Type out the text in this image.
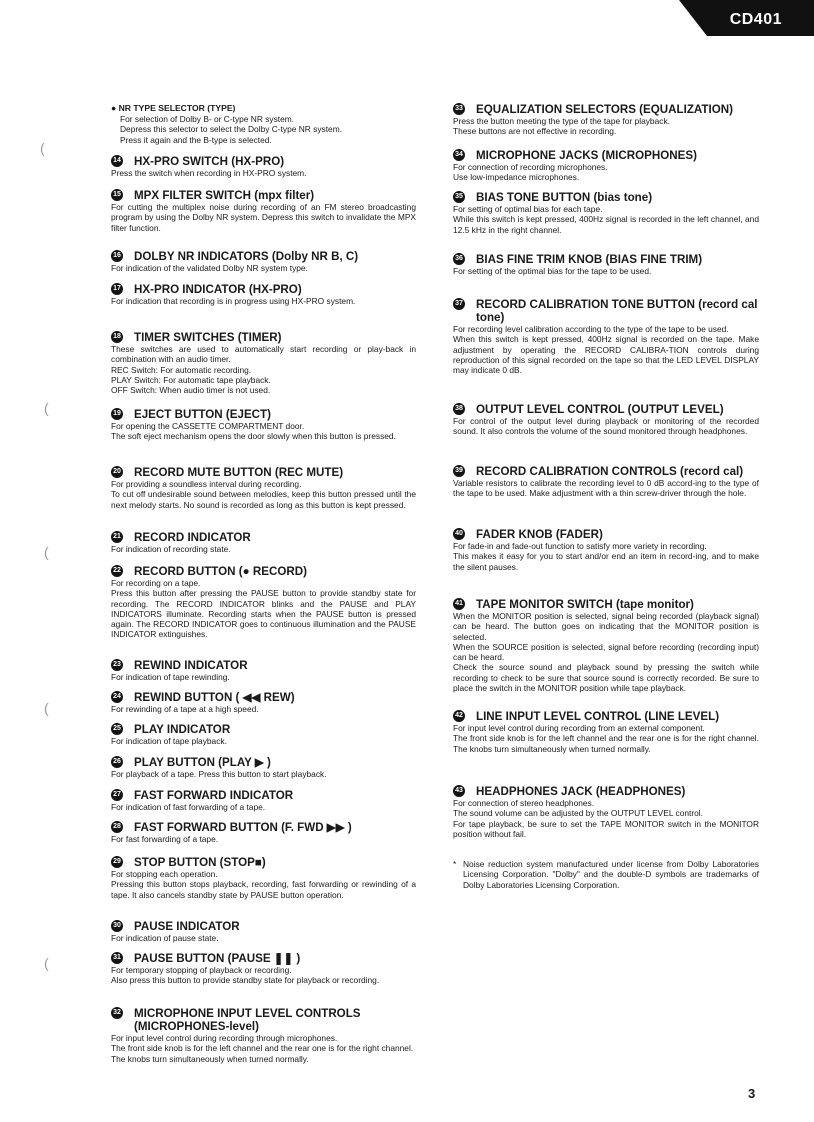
CD401
(
(
(
(
(
● NR TYPE SELECTOR (TYPE)

For selection of Dolby B- or C-type NR system.

Depress this selector to select the Dolby C-type NR system.

Press it again and the B-type is selected.

14 HX-PRO SWITCH (HX-PRO)

Press the switch when recording in HX-PRO system.

15 MPX FILTER SWITCH (mpx filter)

For cutting the multiplex noise during recording of an FM stereo broadcasting program by using the Dolby NR system. Depress this switch to invalidate the MPX filter function.

16 DOLBY NR INDICATORS (Dolby NR B, C)

For indication of the validated Dolby NR system type.

17 HX-PRO INDICATOR (HX-PRO)

For indication that recording is in progress using HX-PRO system.

18 TIMER SWITCHES (TIMER)

These switches are used to automatically start recording or play-back in combination with an audio timer.

REC Switch: For automatic recording.

PLAY Switch: For automatic tape playback.

OFF Switch: When audio timer is not used.

19 EJECT BUTTON (EJECT)

For opening the CASSETTE COMPARTMENT door.

The soft eject mechanism opens the door slowly when this button is pressed.

20 RECORD MUTE BUTTON (REC MUTE)

For providing a soundless interval during recording.

To cut off undesirable sound between melodies, keep this button pressed until the next melody starts. No sound is recorded as long as this button is kept pressed.

21 RECORD INDICATOR

For indication of recording state.

22 RECORD BUTTON (● RECORD)

For recording on a tape.

Press this button after pressing the PAUSE button to provide standby state for recording. The RECORD INDICATOR blinks and the PAUSE and PLAY INDICATORS illuminate. Recording starts when the PAUSE button is pressed again. The RECORD INDICATOR goes to continuous illumination and the PAUSE INDICATOR extinguishes.

23 REWIND INDICATOR

For indication of tape rewinding.

24 REWIND BUTTON ( ◀◀ REW)

For rewinding of a tape at a high speed.

25 PLAY INDICATOR

For indication of tape playback.

26 PLAY BUTTON (PLAY ▶ )

For playback of a tape. Press this button to start playback.

27 FAST FORWARD INDICATOR

For indication of fast forwarding of a tape.

28 FAST FORWARD BUTTON (F. FWD ▶▶ )

For fast forwarding of a tape.

29 STOP BUTTON (STOP■)

For stopping each operation.

Pressing this button stops playback, recording, fast forwarding or rewinding of a tape. It also cancels standby state by PAUSE button operation.

30 PAUSE INDICATOR

For indication of pause state.

31 PAUSE BUTTON (PAUSE ❚❚ )

For temporary stopping of playback or recording.

Also press this button to provide standby state for playback or recording.

32 MICROPHONE INPUT LEVEL CONTROLS (MICROPHONES-level)

For input level control during recording through microphones.

The front side knob is for the left channel and the rear one is for the right channel.

The knobs turn simultaneously when turned normally.

33 EQUALIZATION SELECTORS (EQUALIZATION)

Press the button meeting the type of the tape for playback.

These buttons are not effective in recording.

34 MICROPHONE JACKS (MICROPHONES)

For connection of recording microphones.

Use low-impedance microphones.

35 BIAS TONE BUTTON (bias tone)

For setting of optimal bias for each tape.

While this switch is kept pressed, 400Hz signal is recorded in the left channel, and 12.5 kHz in the right channel.

36 BIAS FINE TRIM KNOB (BIAS FINE TRIM)

For setting of the optimal bias for the tape to be used.

37 RECORD CALIBRATION TONE BUTTON (record cal tone)

For recording level calibration according to the type of the tape to be used.

When this switch is kept pressed, 400Hz signal is recorded on the tape. Make adjustment by operating the RECORD CALIBRA-TION controls during reproduction of this signal recorded on the tape so that the LED LEVEL DISPLAY may indicate 0 dB.

38 OUTPUT LEVEL CONTROL (OUTPUT LEVEL)

For control of the output level during playback or monitoring of the recorded sound. It also controls the volume of the sound monitored through headphones.

39 RECORD CALIBRATION CONTROLS (record cal)

Variable resistors to calibrate the recording level to 0 dB accord-ing to the type of the tape to be used. Make adjustment with a thin screw-driver through the hole.

40 FADER KNOB (FADER)

For fade-in and fade-out function to satisfy more variety in recording.

This makes it easy for you to start and/or end an item in record-ing, and to make the silent pauses.

41 TAPE MONITOR SWITCH (tape monitor)

When the MONITOR position is selected, signal being recorded (playback signal) can be heard. The button goes on indicating that the MONITOR position is selected.

When the SOURCE position is selected, signal before recording (recording input) can be heard.

Check the source sound and playback sound by pressing the switch while recording to check to be sure that source sound is correctly recorded. Be sure to place the switch in the MONITOR position while tape playback.

42 LINE INPUT LEVEL CONTROL (LINE LEVEL)

For input level control during recording from an external component.

The front side knob is for the left channel and the rear one is for the right channel. The knobs turn simultaneously when turned normally.

43 HEADPHONES JACK (HEADPHONES)

For connection of stereo headphones.

The sound volume can be adjusted by the OUTPUT LEVEL control.

For tape playback, be sure to set the TAPE MONITOR switch in the MONITOR position without fail.

* Noise reduction system manufactured under license from Dolby Laboratories Licensing Corporation. "Dolby" and the double-D symbols are trademarks of Dolby Laboratories Licensing Corporation.

3
